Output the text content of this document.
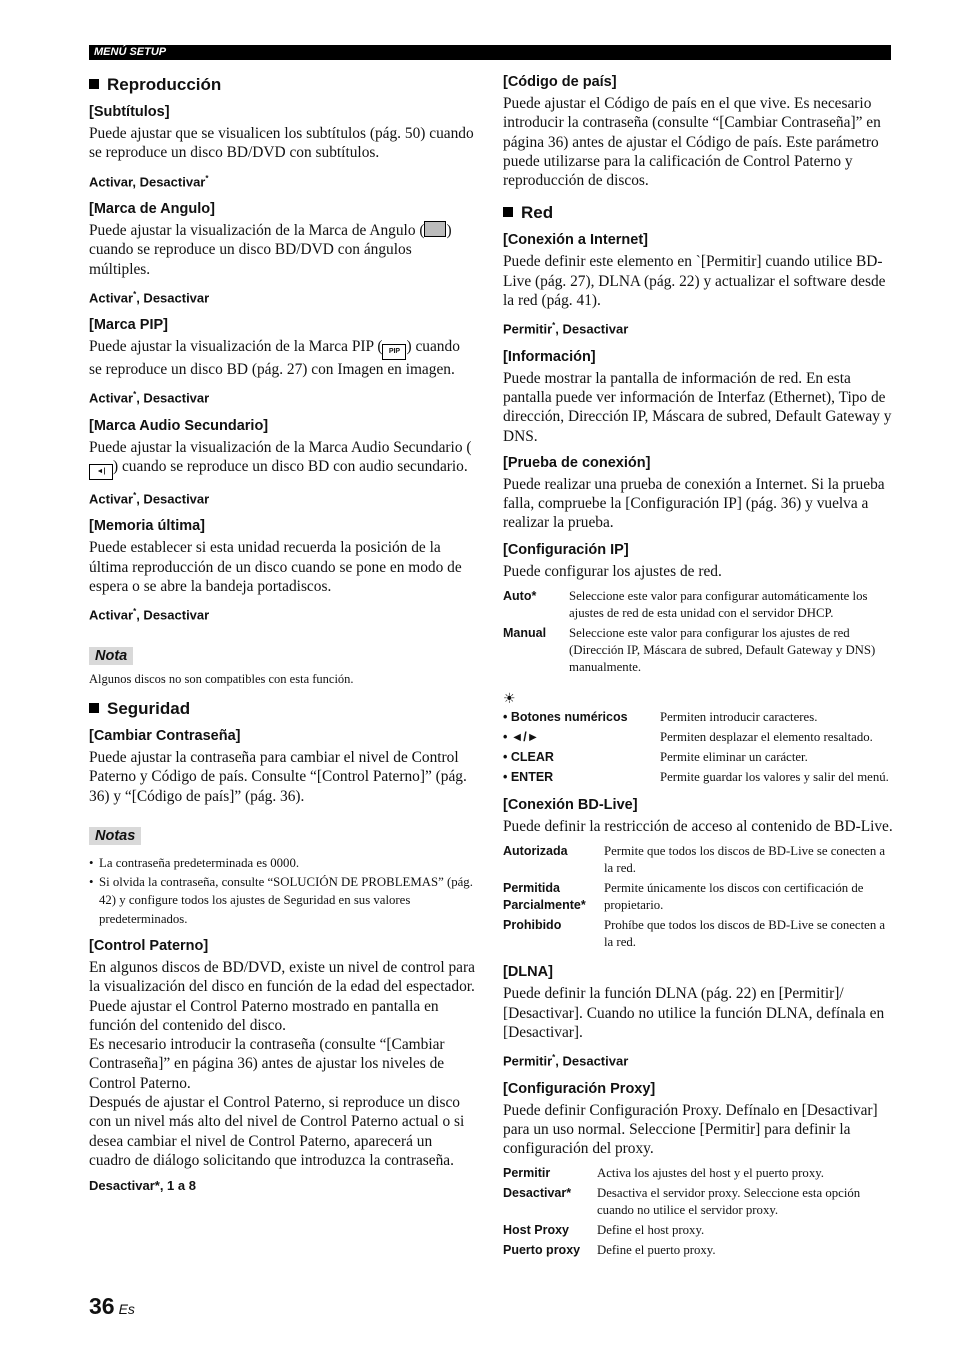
MENÚ SETUP
Reproducción
[Subtítulos]

Puede ajustar que se visualicen los subtítulos (pág. 50) cuando se reproduce un disco BD/DVD con subtítulos.

Activar, Desactivar*
[Marca de Angulo]

Puede ajustar la visualización de la Marca de Angulo ( ) cuando se reproduce un disco BD/DVD con ángulos múltiples.

Activar*, Desactivar
[Marca PIP]

Puede ajustar la visualización de la Marca PIP ( PIP ) cuando se reproduce un disco BD (pág. 27) con Imagen en imagen.

Activar*, Desactivar
[Marca Audio Secundario]

Puede ajustar la visualización de la Marca Audio Secundario (◄| ) cuando se reproduce un disco BD con audio secundario.

Activar*, Desactivar
[Memoria última]

Puede establecer si esta unidad recuerda la posición de la última reproducción de un disco cuando se pone en modo de espera o se abre la bandeja portadiscos.

Activar*, Desactivar
Nota

Algunos discos no son compatibles con esta función.

Seguridad
[Cambiar Contraseña]

Puede ajustar la contraseña para cambiar el nivel de Control Paterno y Código de país. Consulte “[Control Paterno]” (pág. 36) y “[Código de país]” (pág. 36).

Notas
• La contraseña predeterminada es 0000.
• Si olvida la contraseña, consulte “SOLUCIÓN DE PROBLEMAS” (pág. 42) y configure todos los ajustes de Seguridad en sus valores predeterminados.
[Control Paterno]

En algunos discos de BD/DVD, existe un nivel de control para la visualización del disco en función de la edad del espectador. Puede ajustar el Control Paterno mostrado en pantalla en función del contenido del disco.

Es necesario introducir la contraseña (consulte “[Cambiar Contraseña]” en página 36) antes de ajustar los niveles de Control Paterno.

Después de ajustar el Control Paterno, si reproduce un disco con un nivel más alto del nivel de Control Paterno actual o si desea cambiar el nivel de Control Paterno, aparecerá un cuadro de diálogo solicitando que introduzca la contraseña.

Desactivar*, 1 a 8
[Código de país]

Puede ajustar el Código de país en el que vive. Es necesario introducir la contraseña (consulte “[Cambiar Contraseña]” en página 36) antes de ajustar el Código de país. Este parámetro puede utilizarse para la calificación de Control Paterno y reproducción de discos.

Red
[Conexión a Internet]

Puede definir este elemento en `[Permitir] cuando utilice BD-Live (pág. 27), DLNA (pág. 22) y actualizar el software desde la red (pág. 41).

Permitir*, Desactivar
[Información]

Puede mostrar la pantalla de información de red. En esta pantalla puede ver información de Interfaz (Ethernet), Tipo de dirección, Dirección IP, Máscara de subred, Default Gateway y DNS.

[Prueba de conexión]

Puede realizar una prueba de conexión a Internet. Si la prueba falla, compruebe la [Configuración IP] (pág. 36) y vuelva a realizar la prueba.

[Configuración IP]

Puede configurar los ajustes de red.

Auto*	Seleccione este valor para configurar automáticamente los ajustes de red de esta unidad con el servidor DHCP.
Manual	Seleccione este valor para configurar los ajustes de red (Dirección IP, Máscara de subred, Default Gateway y DNS) manualmente.
☀
• Botones numéricos	Permiten introducir caracteres.
• ◄/►	Permiten desplazar el elemento resaltado.
• CLEAR	Permite eliminar un carácter.
• ENTER	Permite guardar los valores y salir del menú.
[Conexión BD-Live]

Puede definir la restricción de acceso al contenido de BD-Live.

Autorizada	Permite que todos los discos de BD-Live se conecten a la red.
Permitida Parcialmente*	Permite únicamente los discos con certificación de propietario.
Prohibido	Prohíbe que todos los discos de BD-Live se conecten a la red.
[DLNA]

Puede definir la función DLNA (pág. 22) en [Permitir]/ [Desactivar]. Cuando no utilice la función DLNA, defínala en [Desactivar].

Permitir*, Desactivar
[Configuración Proxy]

Puede definir Configuración Proxy. Defínalo en [Desactivar] para un uso normal. Seleccione [Permitir] para definir la configuración del proxy.

Permitir	Activa los ajustes del host y el puerto proxy.
Desactivar*	Desactiva el servidor proxy. Seleccione esta opción cuando no utilice el servidor proxy.
Host Proxy	Define el host proxy.
Puerto proxy	Define el puerto proxy.
36 Es
